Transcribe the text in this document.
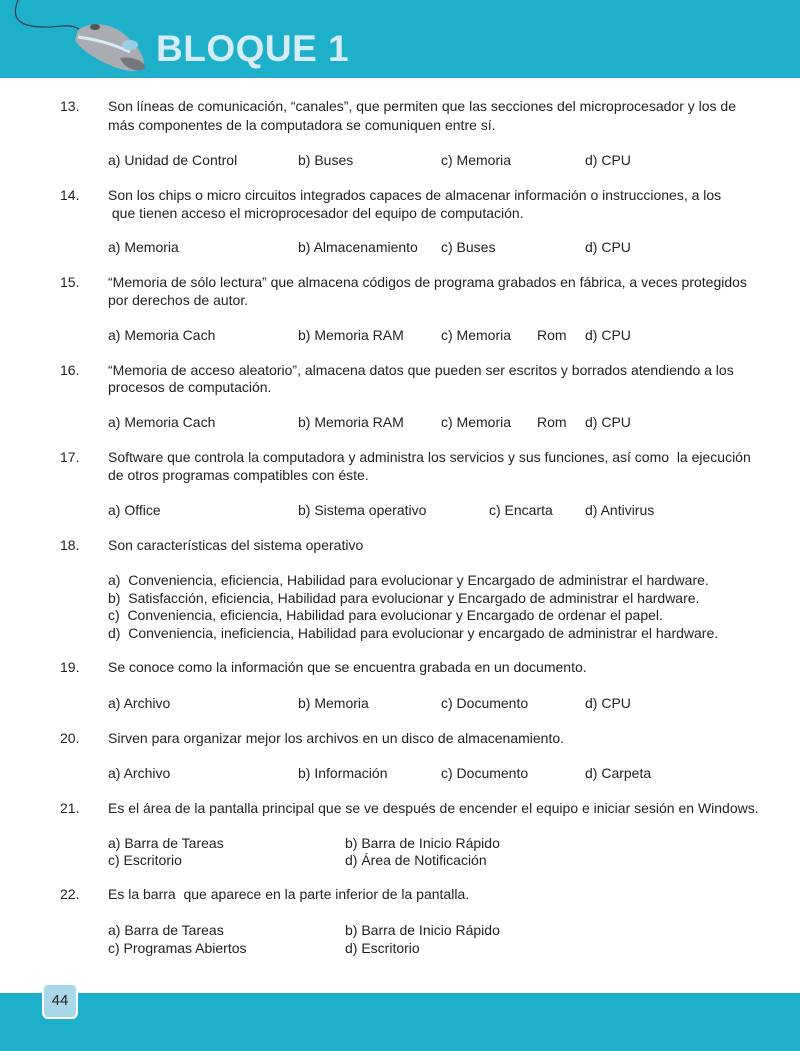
BLOQUE 1
13. Son líneas de comunicación, “canales”, que permiten que las secciones del microprocesador y los de
más componentes de la computadora se comuniquen entre sí.
a) Unidad de Control	b) Buses	c) Memoria	d) CPU
14. Son los chips o micro circuitos integrados capaces de almacenar información o instrucciones, a los
que tienen acceso el microprocesador del equipo de computación.
a) Memoria	b) Almacenamiento c) Buses	d) CPU
15. “Memoria de sólo lectura” que almacena códigos de programa grabados en fábrica, a veces protegidos
por derechos de autor.
a) Memoria Cach	b) Memoria RAM	c) Memoria Rom d) CPU
16. “Memoria de acceso aleatorio”, almacena datos que pueden ser escritos y borrados atendiendo a los
procesos de computación.
a) Memoria Cach	b) Memoria RAM	c) Memoria Rom d) CPU
17. Software que controla la computadora y administra los servicios y sus funciones, así como  la ejecución
de otros programas compatibles con éste.
a) Office	b) Sistema operativo	c) Encarta d) Antivirus
18. Son características del sistema operativo
a)  Conveniencia, eficiencia, Habilidad para evolucionar y Encargado de administrar el hardware.
b)  Satisfacción, eficiencia, Habilidad para evolucionar y Encargado de administrar el hardware.
c)  Conveniencia, eficiencia, Habilidad para evolucionar y Encargado de ordenar el papel.
d)  Conveniencia, ineficiencia, Habilidad para evolucionar y encargado de administrar el hardware.
19. Se conoce como la información que se encuentra grabada en un documento.
a) Archivo	b) Memoria	c) Documento	d) CPU
20. Sirven para organizar mejor los archivos en un disco de almacenamiento.
a) Archivo	b) Información	c) Documento	d) Carpeta
21. Es el área de la pantalla principal que se ve después de encender el equipo e iniciar sesión en Windows.
a) Barra de Tareas	b) Barra de Inicio Rápido
c) Escritorio	d) Área de Notificación
22. Es la barra  que aparece en la parte inferior de la pantalla.
a) Barra de Tareas	b) Barra de Inicio Rápido
c) Programas Abiertos	d) Escritorio
44
